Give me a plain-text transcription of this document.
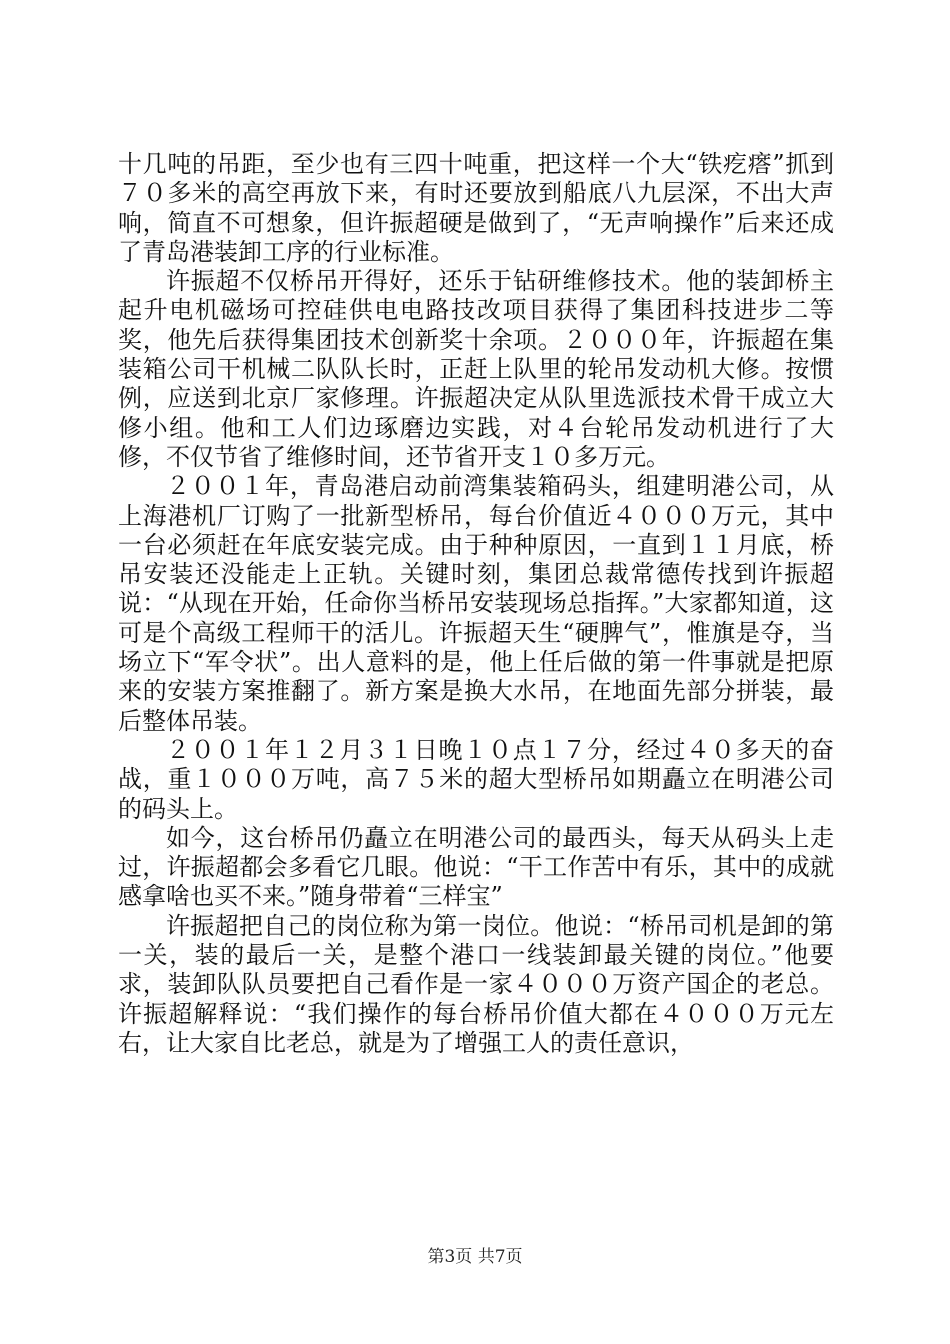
十几吨的吊距，至少也有三四十吨重，把这样一个大“铁疙瘩”抓到７０多米的高空再放下来，有时还要放到船底八九层深，不出大声响，简直不可想象，但许振超硬是做到了，“无声响操作”后来还成了青岛港装卸工序的行业标准。

许振超不仅桥吊开得好，还乐于钻研维修技术。他的装卸桥主起升电机磁场可控硅供电电路技改项目获得了集团科技进步二等奖，他先后获得集团技术创新奖十余项。２０００年，许振超在集装箱公司干机械二队队长时，正赶上队里的轮吊发动机大修。按惯例，应送到北京厂家修理。许振超决定从队里选派技术骨干成立大修小组。他和工人们边琢磨边实践，对４台轮吊发动机进行了大修，不仅节省了维修时间，还节省开支１０多万元。

２００１年，青岛港启动前湾集装箱码头，组建明港公司，从上海港机厂订购了一批新型桥吊，每台价值近４０００万元，其中一台必须赶在年底安装完成。由于种种原因，一直到１１月底，桥吊安装还没能走上正轨。关键时刻，集团总裁常德传找到许振超说：“从现在开始，任命你当桥吊安装现场总指挥。”大家都知道，这可是个高级工程师干的活儿。许振超天生“硬脾气”，惟旗是夺，当场立下“军令状”。出人意料的是，他上任后做的第一件事就是把原来的安装方案推翻了。新方案是换大水吊，在地面先部分拼装，最后整体吊装。

２００１年１２月３１日晚１０点１７分，经过４０多天的奋战，重１０００万吨，高７５米的超大型桥吊如期矗立在明港公司的码头上。

如今，这台桥吊仍矗立在明港公司的最西头，每天从码头上走过，许振超都会多看它几眼。他说：“干工作苦中有乐，其中的成就感拿啥也买不来。”随身带着“三样宝”

许振超把自己的岗位称为第一岗位。他说：“桥吊司机是卸的第一关，装的最后一关，是整个港口一线装卸最关键的岗位。”他要求，装卸队队员要把自己看作是一家４０００万资产国企的老总。许振超解释说：“我们操作的每台桥吊价值大都在４０００万元左右，让大家自比老总，就是为了增强工人的责任意识，

第3页 共7页
